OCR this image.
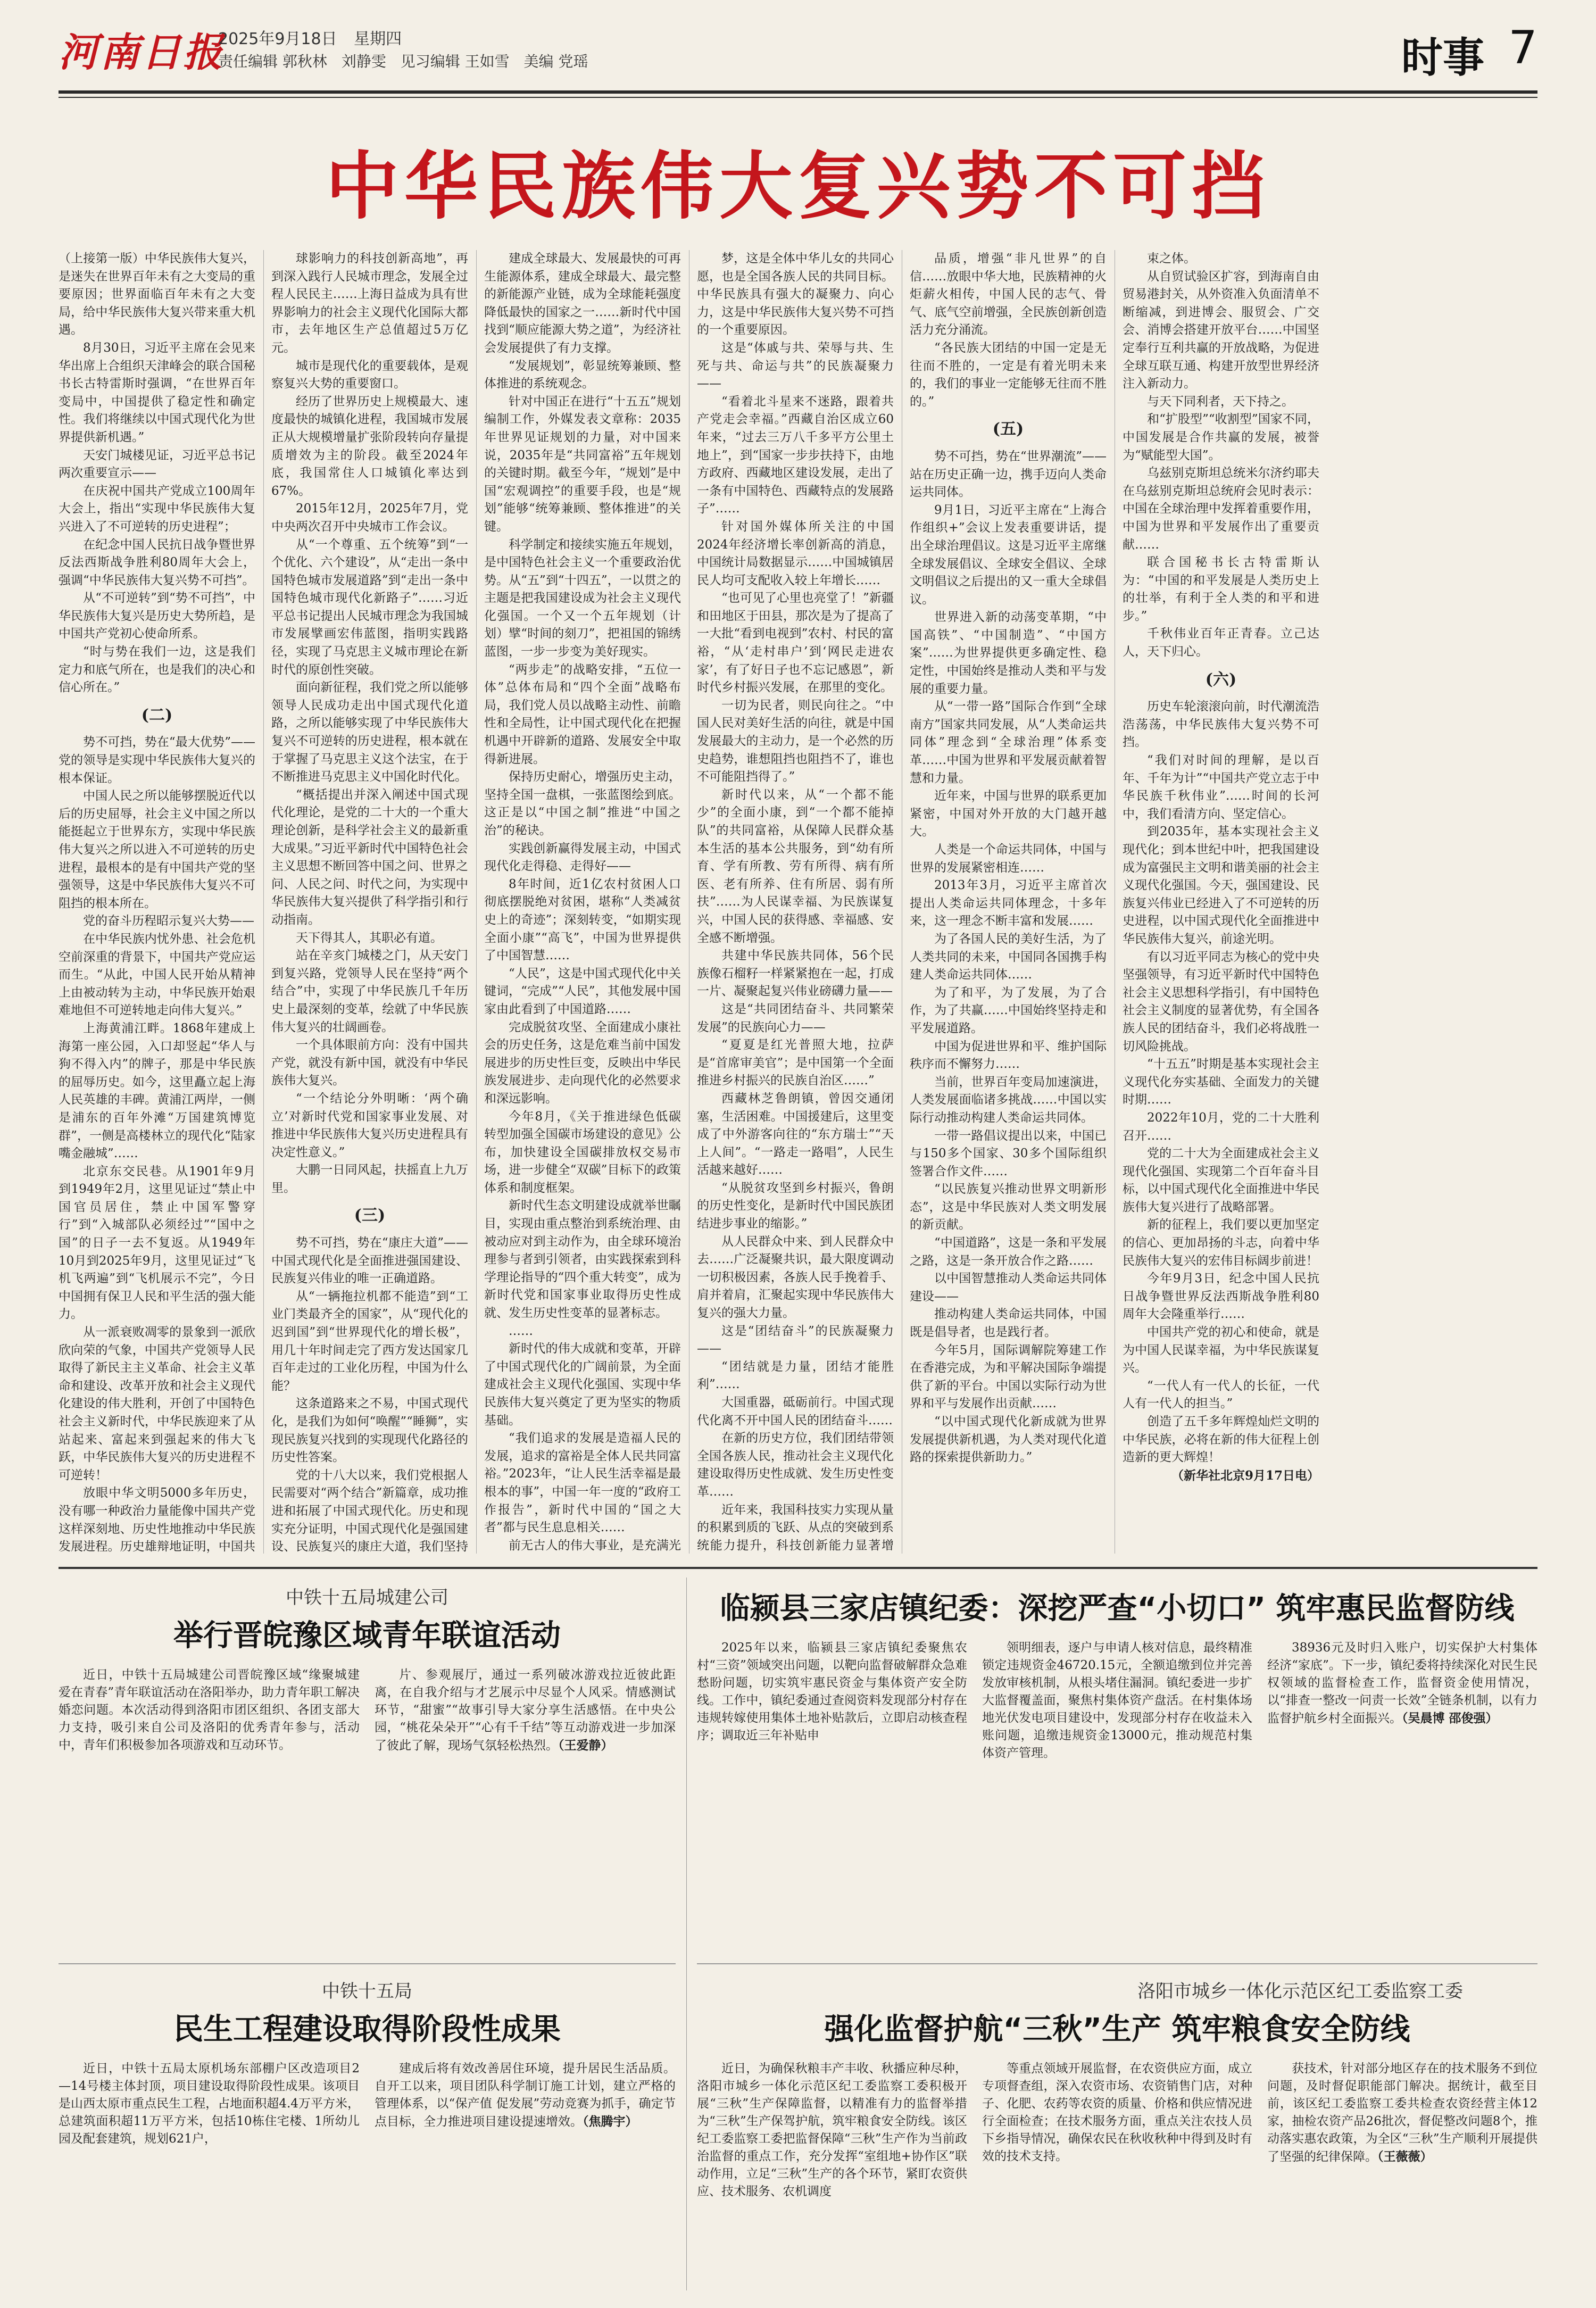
河南日报
2025年9月18日 星期四
责任编辑 郭秋林 刘静雯 见习编辑 王如雪 美编 党瑶	时事 7
中华民族伟大复兴势不可挡

（上接第一版）中华民族伟大复兴，是迷失在世界百年未有之大变局的重要原因；世界面临百年未有之大变局，给中华民族伟大复兴带来重大机遇。

8月30日，习近平主席在会见来华出席上合组织天津峰会的联合国秘书长古特雷斯时强调，“在世界百年变局中，中国提供了稳定性和确定性。我们将继续以中国式现代化为世界提供新机遇。”

天安门城楼见证，习近平总书记两次重要宣示——

在庆祝中国共产党成立100周年大会上，指出“实现中华民族伟大复兴进入了不可逆转的历史进程”；

在纪念中国人民抗日战争暨世界反法西斯战争胜利80周年大会上，强调“中华民族伟大复兴势不可挡”。

从“不可逆转”到“势不可挡”，中华民族伟大复兴是历史大势所趋，是中国共产党初心使命所系。

“时与势在我们一边，这是我们定力和底气所在，也是我们的决心和信心所在。”

(二)

势不可挡，势在“最大优势”——党的领导是实现中华民族伟大复兴的根本保证。

中国人民之所以能够摆脱近代以后的历史屈辱，社会主义中国之所以能挺起立于世界东方，实现中华民族伟大复兴之所以进入不可逆转的历史进程，最根本的是有中国共产党的坚强领导，这是中华民族伟大复兴不可阻挡的根本所在。

党的奋斗历程昭示复兴大势——

在中华民族内忧外患、社会危机空前深重的背景下，中国共产党应运而生。“从此，中国人民开始从精神上由被动转为主动，中华民族开始艰难地但不可逆转地走向伟大复兴。”

上海黄浦江畔。1868年建成上海第一座公园，入口却竖起“华人与狗不得入内”的牌子，那是中华民族的屈辱历史。如今，这里矗立起上海人民英雄的丰碑。黄浦江两岸，一侧是浦东的百年外滩“万国建筑博览群”，一侧是高楼林立的现代化“陆家嘴金融城”……

北京东交民巷。从1901年9月到1949年2月，这里见证过“禁止中国官员居住，禁止中国军警穿行”到“入城部队必须经过”“国中之国”的日子一去不复返。从1949年10月到2025年9月，这里见证过“飞机飞两遍”到“飞机展示不完”，今日中国拥有保卫人民和平生活的强大能力。

从一派衰败凋零的景象到一派欣欣向荣的气象，中国共产党领导人民取得了新民主主义革命、社会主义革命和建设、改革开放和社会主义现代化建设的伟大胜利，开创了中国特色社会主义新时代，中华民族迎来了从站起来、富起来到强起来的伟大飞跃，中华民族伟大复兴的历史进程不可逆转！

放眼中华文明5000多年历史，没有哪一种政治力量能像中国共产党这样深刻地、历史性地推动中华民族发展进程。历史雄辩地证明，中国共

球影响力的科技创新高地”，再到深入践行人民城市理念，发展全过程人民民主……上海日益成为具有世界影响力的社会主义现代化国际大都市，去年地区生产总值超过5万亿元。

城市是现代化的重要载体，是观察复兴大势的重要窗口。

经历了世界历史上规模最大、速度最快的城镇化进程，我国城市发展正从大规模增量扩张阶段转向存量提质增效为主的阶段。截至2024年底，我国常住人口城镇化率达到67%。

2015年12月，2025年7月，党中央两次召开中央城市工作会议。

从“一个尊重、五个统筹”到“一个优化、六个建设”，从“走出一条中国特色城市发展道路”到“走出一条中国特色城市现代化新路子”……习近平总书记提出人民城市理念为我国城市发展擘画宏伟蓝图，指明实践路径，实现了马克思主义城市理论在新时代的原创性突破。

面向新征程，我们党之所以能够领导人民成功走出中国式现代化道路，之所以能够实现了中华民族伟大复兴不可逆转的历史进程，根本就在于掌握了马克思主义这个法宝，在于不断推进马克思主义中国化时代化。

“概括提出并深入阐述中国式现代化理论，是党的二十大的一个重大理论创新，是科学社会主义的最新重大成果。”习近平新时代中国特色社会主义思想不断回答中国之问、世界之问、人民之问、时代之问，为实现中华民族伟大复兴提供了科学指引和行动指南。

天下得其人，其职必有道。

站在辛亥门城楼之门，从天安门到复兴路，党领导人民在坚持“两个结合”中，实现了中华民族几千年历史上最深刻的变革，绘就了中华民族伟大复兴的壮阔画卷。

一个具体眼前方向：没有中国共产党，就没有新中国，就没有中华民族伟大复兴。

“一个结论分外明晰：‘两个确立’对新时代党和国家事业发展、对推进中华民族伟大复兴历史进程具有决定性意义。”

大鹏一日同风起，扶摇直上九万里。

(三)

势不可挡，势在“康庄大道”——中国式现代化是全面推进强国建设、民族复兴伟业的唯一正确道路。

从“一辆拖拉机都不能造”到“工业门类最齐全的国家”，从“现代化的迟到国”到“世界现代化的增长极”，用几十年时间走完了西方发达国家几百年走过的工业化历程，中国为什么能？

这条道路来之不易，中国式现代化，是我们为如何“唤醒”“睡狮”，实现民族复兴找到的实现现代化路径的历史性答案。

党的十八大以来，我们党根据人民需要对“两个结合”新篇章，成功推进和拓展了中国式现代化。历史和现实充分证明，中国式现代化是强国建设、民族复兴的康庄大道，我们坚持

建成全球最大、发展最快的可再生能源体系，建成全球最大、最完整的新能源产业链，成为全球能耗强度降低最快的国家之一……新时代中国找到“顺应能源大势之道”，为经济社会发展提供了有力支撑。

“发展规划”，彰显统筹兼顾、整体推进的系统观念。

针对中国正在进行“十五五”规划编制工作，外媒发表文章称：2035年世界见证规划的力量，对中国来说，2035年是“共同富裕”五年规划的关键时期。截至今年，“规划”是中国“宏观调控”的重要手段，也是“规划”能够“统筹兼顾、整体推进”的关键。

科学制定和接续实施五年规划，是中国特色社会主义一个重要政治优势。从“五”到“十四五”，一以贯之的主题是把我国建设成为社会主义现代化强国。一个又一个五年规划（计划）擘“时间的刻刀”，把祖国的锦绣蓝图，一步一步变为美好现实。

“两步走”的战略安排，“五位一体”总体布局和“四个全面”战略布局，我们党人员以战略主动性、前瞻性和全局性，让中国式现代化在把握机遇中开辟新的道路、发展安全中取得新进展。

保持历史耐心，增强历史主动，坚持全国一盘棋，一张蓝图绘到底。这正是以“中国之制”推进“中国之治”的秘诀。

实践创新赢得发展主动，中国式现代化走得稳、走得好——

8年时间，近1亿农村贫困人口彻底摆脱绝对贫困，堪称“人类减贫史上的奇迹”；深刻转变，“如期实现全面小康”“高飞”，中国为世界提供了中国智慧……

“人民”，这是中国式现代化中关键词，“完成”“人民”，其他发展中国家由此看到了中国道路……

完成脱贫攻坚、全面建成小康社会的历史任务，这是危难当前中国发展进步的历史性巨变，反映出中华民族发展进步、走向现代化的必然要求和深远影响。

今年8月，《关于推进绿色低碳转型加强全国碳市场建设的意见》公布，加快建设全国碳排放权交易市场，进一步健全“双碳”目标下的政策体系和制度框架。

新时代生态文明建设成就举世瞩目，实现由重点整治到系统治理、由被动应对到主动作为，由全球环境治理参与者到引领者，由实践探索到科学理论指导的“四个重大转变”，成为新时代党和国家事业取得历史性成就、发生历史性变革的显著标志。

……

新时代的伟大成就和变革，开辟了中国式现代化的广阔前景，为全面建成社会主义现代化强国、实现中华民族伟大复兴奠定了更为坚实的物质基础。

“我们追求的发展是造福人民的发展，追求的富裕是全体人民共同富裕。”2023年，“让人民生活幸福是最根本的事”，中国一年一度的“政府工作报告”，新时代中国的“国之大者”都与民生息息相关……

前无古人的伟大事业，是充满光

梦，这是全体中华儿女的共同心愿，也是全国各族人民的共同目标。中华民族具有强大的凝聚力、向心力，这是中华民族伟大复兴势不可挡的一个重要原因。

这是“体戚与共、荣辱与共、生死与共、命运与共”的民族凝聚力——

“看着北斗星来不迷路，跟着共产党走会幸福。”西藏自治区成立60年来，“过去三万八千多平方公里土地上”，到“国家一步步扶持下，由地方政府、西藏地区建设发展，走出了一条有中国特色、西藏特点的发展路子”……

针对国外媒体所关注的中国2024年经济增长率创新高的消息，中国统计局数据显示……中国城镇居民人均可支配收入较上年增长……

“也可见了心里也亮堂了！”新疆和田地区于田县，那次是为了提高了一大批“看到电视到”农村、村民的富裕，“从‘走村串户’到‘网民走进农家’，有了好日子也不忘记感恩”，新时代乡村振兴发展，在那里的变化。

一切为民者，则民向往之。“中国人民对美好生活的向往，就是中国发展最大的主动力，是一个必然的历史趋势，谁想阻挡也阻挡不了，谁也不可能阻挡得了。”

新时代以来，从“一个都不能少”的全面小康，到“一个都不能掉队”的共同富裕，从保障人民群众基本生活的基本公共服务，到“幼有所育、学有所教、劳有所得、病有所医、老有所养、住有所居、弱有所扶”……为人民谋幸福、为民族谋复兴，中国人民的获得感、幸福感、安全感不断增强。

共建中华民族共同体，56个民族像石榴籽一样紧紧抱在一起，打成一片、凝聚起复兴伟业磅礴力量——

这是“共同团结奋斗、共同繁荣发展”的民族向心力——

“夏夏是红光普照大地，拉萨是“首席审美官”；是中国第一个全面推进乡村振兴的民族自治区……”

西藏林芝鲁朗镇，曾因交通闭塞，生活困难。中国援建后，这里变成了中外游客向往的“东方瑞士”“天上人间”。“一路走一路唱”，人民生活越来越好……

“从脱贫攻坚到乡村振兴，鲁朗的历史性变化，是新时代中国民族团结进步事业的缩影。”

从人民群众中来、到人民群众中去……广泛凝聚共识，最大限度调动一切积极因素，各族人民手挽着手、肩并着肩，汇聚起实现中华民族伟大复兴的强大力量。

这是“团结奋斗”的民族凝聚力——

“团结就是力量，团结才能胜利”……

大国重器，砥砺前行。中国式现代化离不开中国人民的团结奋斗……

在新的历史方位，我们团结带领全国各族人民，推动社会主义现代化建设取得历史性成就、发生历史性变革……

近年来，我国科技实力实现从量的积累到质的飞跃、从点的突破到系统能力提升，科技创新能力显著增

品质，增强“非凡世界”的自信……放眼中华大地，民族精神的火炬薪火相传，中国人民的志气、骨气、底气空前增强，全民族创新创造活力充分涌流。

“各民族大团结的中国一定是无往而不胜的，一定是有着光明未来的，我们的事业一定能够无往而不胜的。”

(五)

势不可挡，势在“世界潮流”——站在历史正确一边，携手迈向人类命运共同体。

9月1日，习近平主席在“上海合作组织+”会议上发表重要讲话，提出全球治理倡议。这是习近平主席继全球发展倡议、全球安全倡议、全球文明倡议之后提出的又一重大全球倡议。

世界进入新的动荡变革期，“中国高铁”、“中国制造”、“中国方案”……为世界提供更多确定性、稳定性，中国始终是推动人类和平与发展的重要力量。

从“一带一路”国际合作到“全球南方”国家共同发展，从“人类命运共同体”理念到“全球治理”体系变革……中国为世界和平发展贡献着智慧和力量。

近年来，中国与世界的联系更加紧密，中国对外开放的大门越开越大。

人类是一个命运共同体，中国与世界的发展紧密相连……

2013年3月，习近平主席首次提出人类命运共同体理念，十多年来，这一理念不断丰富和发展……

为了各国人民的美好生活，为了人类共同的未来，中国同各国携手构建人类命运共同体……

为了和平，为了发展，为了合作，为了共赢……中国始终坚持走和平发展道路。

中国为促进世界和平、维护国际秩序而不懈努力……

当前，世界百年变局加速演进，人类发展面临诸多挑战……中国以实际行动推动构建人类命运共同体。

一带一路倡议提出以来，中国已与150多个国家、30多个国际组织签署合作文件……

“以民族复兴推动世界文明新形态”，这是中华民族对人类文明发展的新贡献。

“中国道路”，这是一条和平发展之路，这是一条开放合作之路……

以中国智慧推动人类命运共同体建设——

推动构建人类命运共同体，中国既是倡导者，也是践行者。

今年5月，国际调解院筹建工作在香港完成，为和平解决国际争端提供了新的平台。中国以实际行动为世界和平与发展作出贡献……

“以中国式现代化新成就为世界发展提供新机遇，为人类对现代化道路的探索提供新助力。”

束之体。

从自贸试验区扩容，到海南自由贸易港封关，从外资准入负面清单不断缩减，到进博会、服贸会、广交会、消博会搭建开放平台……中国坚定奉行互利共赢的开放战略，为促进全球互联互通、构建开放型世界经济注入新动力。

与天下同利者，天下持之。

和“扩股型”“收割型”国家不同，中国发展是合作共赢的发展，被誉为“赋能型大国”。

乌兹别克斯坦总统米尔济约耶夫在乌兹别克斯坦总统府会见时表示：中国在全球治理中发挥着重要作用，中国为世界和平发展作出了重要贡献……

联合国秘书长古特雷斯认为：“中国的和平发展是人类历史上的壮举，有利于全人类的和平和进步。”

千秋伟业百年正青春。立己达人，天下归心。

(六)

历史车轮滚滚向前，时代潮流浩浩荡荡，中华民族伟大复兴势不可挡。

“我们对时间的理解，是以百年、千年为计”“中国共产党立志于中华民族千秋伟业”……时间的长河中，我们看清方向、坚定信心。

到2035年，基本实现社会主义现代化；到本世纪中叶，把我国建设成为富强民主文明和谐美丽的社会主义现代化强国。今天，强国建设、民族复兴伟业已经进入了不可逆转的历史进程，以中国式现代化全面推进中华民族伟大复兴，前途光明。

有以习近平同志为核心的党中央坚强领导，有习近平新时代中国特色社会主义思想科学指引，有中国特色社会主义制度的显著优势，有全国各族人民的团结奋斗，我们必将战胜一切风险挑战。

“十五五”时期是基本实现社会主义现代化夯实基础、全面发力的关键时期……

2022年10月，党的二十大胜利召开……

党的二十大为全面建成社会主义现代化强国、实现第二个百年奋斗目标，以中国式现代化全面推进中华民族伟大复兴进行了战略部署。

新的征程上，我们要以更加坚定的信心、更加昂扬的斗志，向着中华民族伟大复兴的宏伟目标阔步前进！

今年9月3日，纪念中国人民抗日战争暨世界反法西斯战争胜利80周年大会隆重举行……

中国共产党的初心和使命，就是为中国人民谋幸福，为中华民族谋复兴。

“一代人有一代人的长征，一代人有一代人的担当。”

创造了五千多年辉煌灿烂文明的中华民族，必将在新的伟大征程上创造新的更大辉煌！

（新华社北京9月17日电）

中铁十五局城建公司
举行晋皖豫区域青年联谊活动
近日，中铁十五局城建公司晋皖豫区域“缘聚城建 爱在青春”青年联谊活动在洛阳举办，助力青年职工解决婚恋问题。本次活动得到洛阳市团区组织、各团支部大力支持，吸引来自公司及洛阳的优秀青年参与，活动中，青年们积极参加各项游戏和互动环节。
片、参观展厅，通过一系列破冰游戏拉近彼此距离，在自我介绍与才艺展示中尽显个人风采。情感测试环节，“甜蜜”“故事引导大家分享生活感悟。在中央公园，“桃花朵朵开”“心有千千结”等互动游戏进一步加深了彼此了解，现场气氛轻松热烈。（王爱静）
临颍县三家店镇纪委：深挖严查“小切口” 筑牢惠民监督防线
2025年以来，临颍县三家店镇纪委聚焦农村“三资”领域突出问题，以靶向监督破解群众急难愁盼问题，切实筑牢惠民资金与集体资产安全防线。工作中，镇纪委通过查阅资料发现部分村存在违规转嫁使用集体土地补贴款后，立即启动核查程序；调取近三年补贴申
领明细表，逐户与申请人核对信息，最终精准锁定违规资金46720.15元，全额追缴到位并完善发放审核机制，从根头堵住漏洞。镇纪委进一步扩大监督覆盖面，聚焦村集体资产盘活。在村集体场地光伏发电项目建设中，发现部分村存在收益未入账问题，追缴违规资金13000元，推动规范村集体资产管理。
38936元及时归入账户，切实保护大村集体经济“家底”。下一步，镇纪委将持续深化对民生民权领域的监督检查工作，监督资金使用情况，以“排查一整改一问责一长效”全链条机制，以有力监督护航乡村全面振兴。（吴晨博 邵俊强）
中铁十五局
民生工程建设取得阶段性成果
近日，中铁十五局太原机场东部棚户区改造项目2—14号楼主体封顶，项目建设取得阶段性成果。该项目是山西太原市重点民生工程，占地面积超4.4万平方米，总建筑面积超11万平方米，包括10栋住宅楼、1所幼儿园及配套建筑，规划621户，
建成后将有效改善居住环境，提升居民生活品质。自开工以来，项目团队科学制订施工计划，建立严格的管理体系，以“保产值 促发展”劳动竞赛为抓手，确定节点目标，全力推进项目建设提速增效。（焦腾宇）
洛阳市城乡一体化示范区纪工委监察工委
强化监督护航“三秋”生产 筑牢粮食安全防线
近日，为确保秋粮丰产丰收、秋播应种尽种，洛阳市城乡一体化示范区纪工委监察工委积极开展“三秋”生产保障监督，以精准有力的监督举措为“三秋”生产保驾护航，筑牢粮食安全防线。该区纪工委监察工委把监督保障“三秋”生产作为当前政治监督的重点工作，充分发挥“室组地+协作区”联动作用，立足“三秋”生产的各个环节，紧盯农资供应、技术服务、农机调度
等重点领域开展监督，在农资供应方面，成立专项督查组，深入农资市场、农资销售门店，对种子、化肥、农药等农资的质量、价格和供应情况进行全面检查；在技术服务方面，重点关注农技人员下乡指导情况，确保农民在秋收秋种中得到及时有效的技术支持。
获技术，针对部分地区存在的技术服务不到位问题，及时督促职能部门解决。据统计，截至目前，该区纪工委监察工委共检查农资经营主体12家，抽检农资产品26批次，督促整改问题8个，推动落实惠农政策，为全区“三秋”生产顺利开展提供了坚强的纪律保障。（王薇薇）
